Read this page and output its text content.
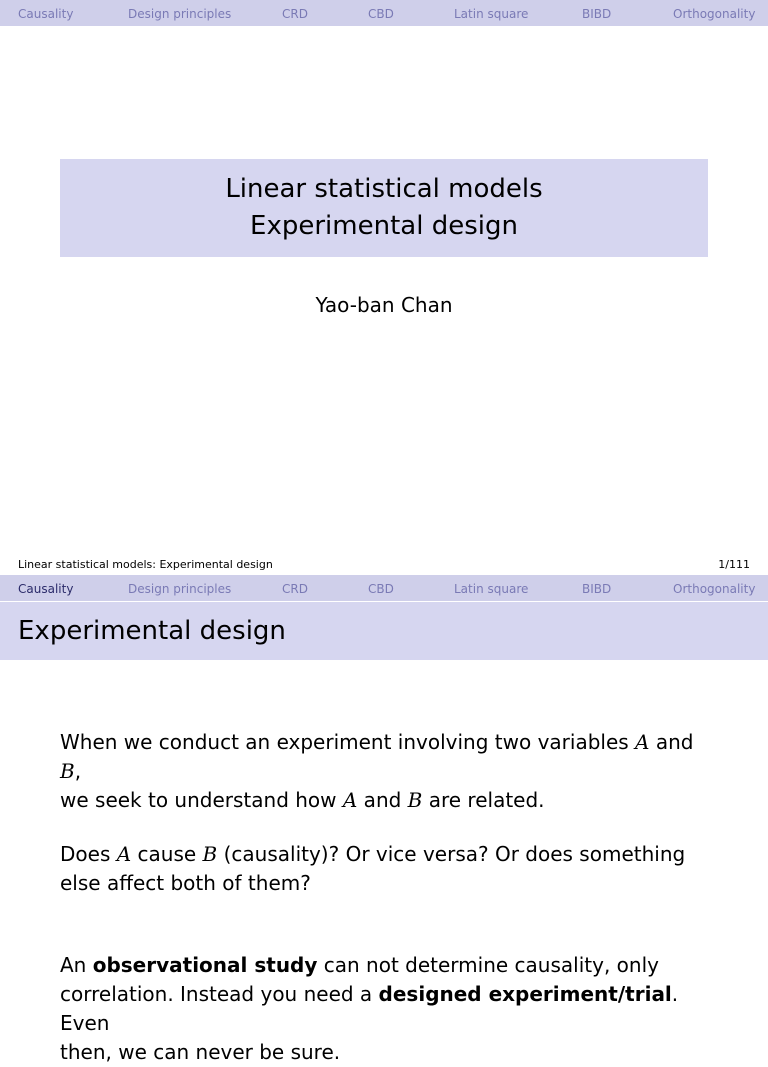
Causality	Design principles	CRD	CBD	Latin square	BIBD	Orthogonality
Linear statistical models
Experimental design
Yao-ban Chan
Linear statistical models: Experimental design	1/111
Causality	Design principles	CRD	CBD	Latin square	BIBD	Orthogonality
Experimental design
When we conduct an experiment involving two variables A and B,
we seek to understand how A and B are related.
Does A cause B (causality)? Or vice versa? Or does something
else affect both of them?
An observational study can not determine causality, only
correlation. Instead you need a designed experiment/trial. Even
then, we can never be sure.
